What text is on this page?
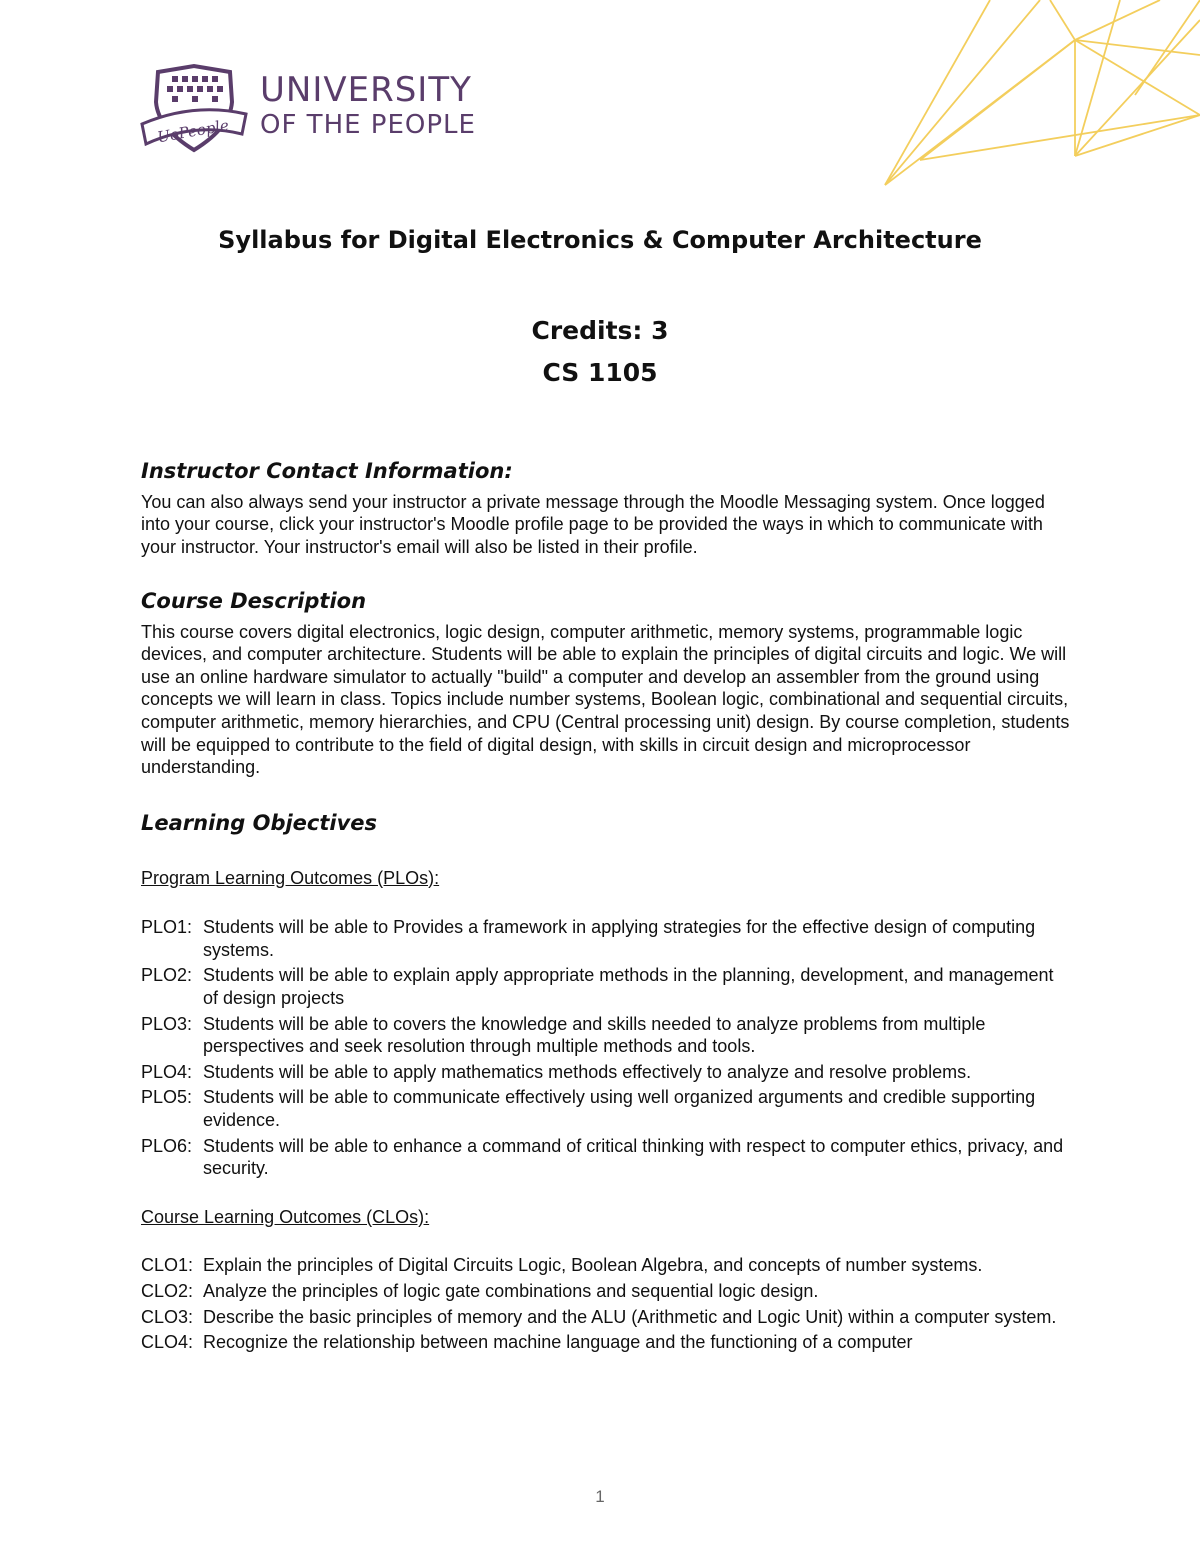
UoPeople
UNIVERSITY
OF THE PEOPLE
Syllabus for Digital Electronics & Computer Architecture
Credits: 3
CS 1105
Instructor Contact Information:

You can also always send your instructor a private message through the Moodle Messaging system. Once logged into your course, click your instructor's Moodle profile page to be provided the ways in which to communicate with your instructor. Your instructor's email will also be listed in their profile.

Course Description

This course covers digital electronics, logic design, computer arithmetic, memory systems, programmable logic devices, and computer architecture. Students will be able to explain the principles of digital circuits and logic. We will use an online hardware simulator to actually "build" a computer and develop an assembler from the ground using concepts we will learn in class. Topics include number systems, Boolean logic, combinational and sequential circuits, computer arithmetic, memory hierarchies, and CPU (Central processing unit) design. By course completion, students will be equipped to contribute to the field of digital design, with skills in circuit design and microprocessor understanding.

Learning Objectives
Program Learning Outcomes (PLOs):
PLO1: Students will be able to Provides a framework in applying strategies for the effective design of computing systems.
PLO2: Students will be able to explain apply appropriate methods in the planning, development, and management of design projects
PLO3: Students will be able to covers the knowledge and skills needed to analyze problems from multiple perspectives and seek resolution through multiple methods and tools.
PLO4: Students will be able to apply mathematics methods effectively to analyze and resolve problems.
PLO5: Students will be able to communicate effectively using well organized arguments and credible supporting evidence.
PLO6: Students will be able to enhance a command of critical thinking with respect to computer ethics, privacy, and security.
Course Learning Outcomes (CLOs):
CLO1: Explain the principles of Digital Circuits Logic, Boolean Algebra, and concepts of number systems.
CLO2: Analyze the principles of logic gate combinations and sequential logic design.
CLO3: Describe the basic principles of memory and the ALU (Arithmetic and Logic Unit) within a computer system.
CLO4: Recognize the relationship between machine language and the functioning of a computer
1
